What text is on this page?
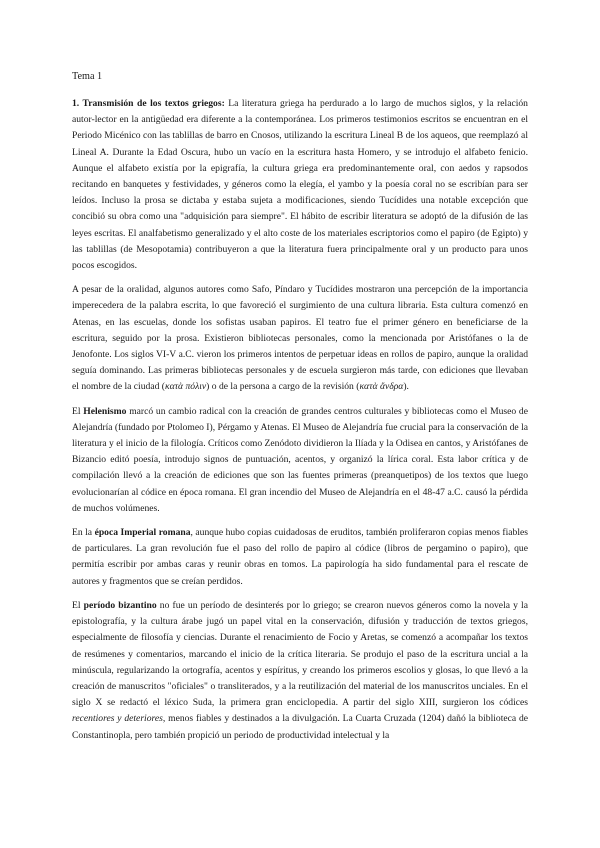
Tema 1

1. Transmisión de los textos griegos: La literatura griega ha perdurado a lo largo de muchos siglos, y la relación autor-lector en la antigüedad era diferente a la contemporánea. Los primeros testimonios escritos se encuentran en el Periodo Micénico con las tablillas de barro en Cnosos, utilizando la escritura Lineal B de los aqueos, que reemplazó al Lineal A. Durante la Edad Oscura, hubo un vacío en la escritura hasta Homero, y se introdujo el alfabeto fenicio. Aunque el alfabeto existía por la epigrafía, la cultura griega era predominantemente oral, con aedos y rapsodos recitando en banquetes y festividades, y géneros como la elegía, el yambo y la poesía coral no se escribían para ser leídos. Incluso la prosa se dictaba y estaba sujeta a modificaciones, siendo Tucídides una notable excepción que concibió su obra como una "adquisición para siempre". El hábito de escribir literatura se adoptó de la difusión de las leyes escritas. El analfabetismo generalizado y el alto coste de los materiales escriptorios como el papiro (de Egipto) y las tablillas (de Mesopotamia) contribuyeron a que la literatura fuera principalmente oral y un producto para unos pocos escogidos.

A pesar de la oralidad, algunos autores como Safo, Píndaro y Tucídides mostraron una percepción de la importancia imperecedera de la palabra escrita, lo que favoreció el surgimiento de una cultura libraria. Esta cultura comenzó en Atenas, en las escuelas, donde los sofistas usaban papiros. El teatro fue el primer género en beneficiarse de la escritura, seguido por la prosa. Existieron bibliotecas personales, como la mencionada por Aristófanes o la de Jenofonte. Los siglos VI-V a.C. vieron los primeros intentos de perpetuar ideas en rollos de papiro, aunque la oralidad seguía dominando. Las primeras bibliotecas personales y de escuela surgieron más tarde, con ediciones que llevaban el nombre de la ciudad (κατὰ πόλιν) o de la persona a cargo de la revisión (κατὰ ἄνδρα).

El Helenismo marcó un cambio radical con la creación de grandes centros culturales y bibliotecas como el Museo de Alejandría (fundado por Ptolomeo I), Pérgamo y Atenas. El Museo de Alejandría fue crucial para la conservación de la literatura y el inicio de la filología. Críticos como Zenódoto dividieron la Ilíada y la Odisea en cantos, y Aristófanes de Bizancio editó poesía, introdujo signos de puntuación, acentos, y organizó la lírica coral. Esta labor crítica y de compilación llevó a la creación de ediciones que son las fuentes primeras (preanquetipos) de los textos que luego evolucionarían al códice en época romana. El gran incendio del Museo de Alejandría en el 48-47 a.C. causó la pérdida de muchos volúmenes.

En la época Imperial romana, aunque hubo copias cuidadosas de eruditos, también proliferaron copias menos fiables de particulares. La gran revolución fue el paso del rollo de papiro al códice (libros de pergamino o papiro), que permitía escribir por ambas caras y reunir obras en tomos. La papirología ha sido fundamental para el rescate de autores y fragmentos que se creían perdidos.

El período bizantino no fue un período de desinterés por lo griego; se crearon nuevos géneros como la novela y la epistolografía, y la cultura árabe jugó un papel vital en la conservación, difusión y traducción de textos griegos, especialmente de filosofía y ciencias. Durante el renacimiento de Focio y Aretas, se comenzó a acompañar los textos de resúmenes y comentarios, marcando el inicio de la crítica literaria. Se produjo el paso de la escritura uncial a la minúscula, regularizando la ortografía, acentos y espíritus, y creando los primeros escolios y glosas, lo que llevó a la creación de manuscritos "oficiales" o transliterados, y a la reutilización del material de los manuscritos unciales. En el siglo X se redactó el léxico Suda, la primera gran enciclopedia. A partir del siglo XIII, surgieron los códices recentiores y deteriores, menos fiables y destinados a la divulgación. La Cuarta Cruzada (1204) dañó la biblioteca de Constantinopla, pero también propició un periodo de productividad intelectual y la
